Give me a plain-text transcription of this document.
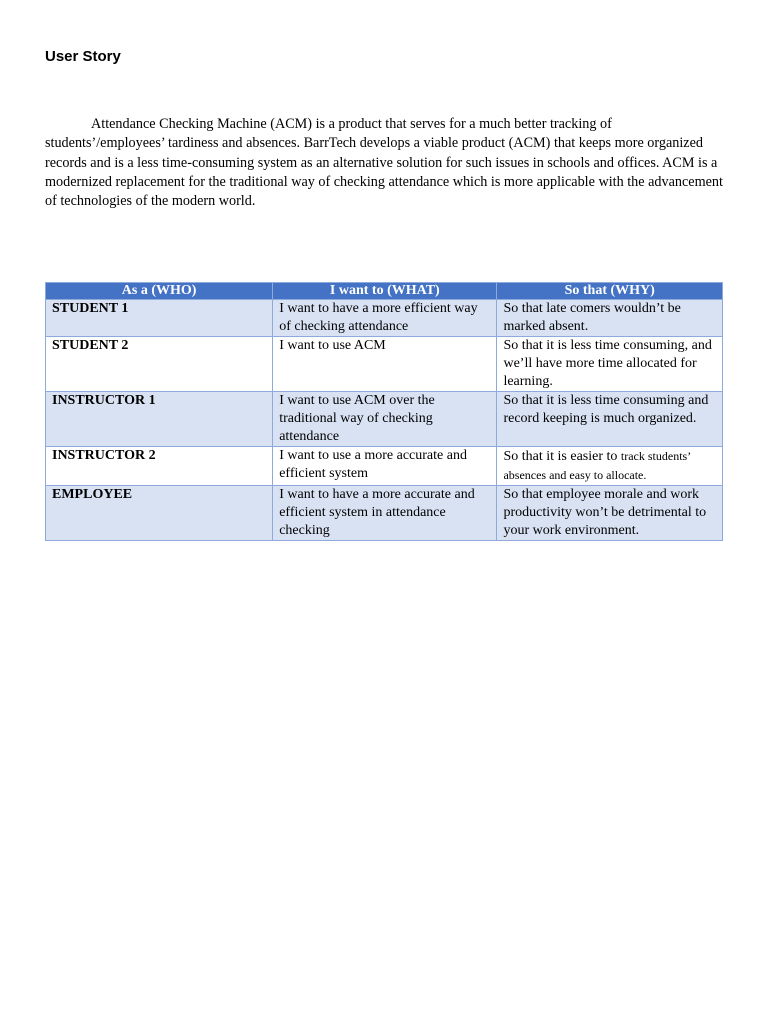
User Story

Attendance Checking Machine (ACM) is a product that serves for a much better tracking of students’/employees’ tardiness and absences. BarrTech develops a viable product (ACM) that keeps more organized records and is a less time-consuming system as an alternative solution for such issues in schools and offices. ACM is a modernized replacement for the traditional way of checking attendance which is more applicable with the advancement of technologies of the modern world.

As a (WHO)	I want to (WHAT)	So that (WHY)
STUDENT 1	I want to have a more efficient way of checking attendance	So that late comers wouldn’t be marked absent.
STUDENT 2	I want to use ACM	So that it is less time consuming, and we’ll have more time allocated for learning.
INSTRUCTOR 1	I want to use ACM over the traditional way of checking attendance	So that it is less time consuming and record keeping is much organized.
INSTRUCTOR 2	I want to use a more accurate and efficient system	So that it is easier to track students’ absences and easy to allocate.
EMPLOYEE	I want to have a more accurate and efficient system in attendance checking	So that employee morale and work productivity won’t be detrimental to your work environment.
